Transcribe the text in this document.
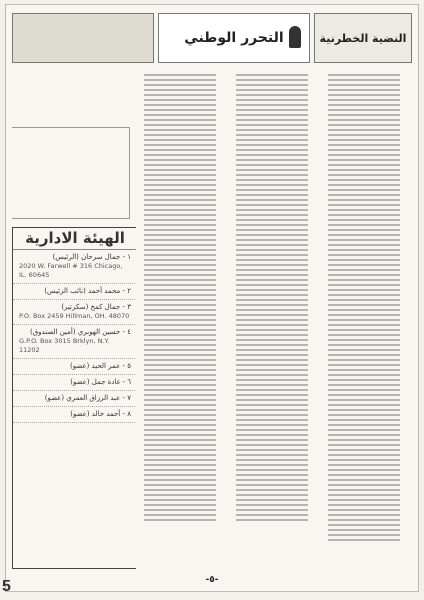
النضية الخطرنية
التحرر الوطني
الهيئة الادارية
١ - جمال سرحان (الرئيس)
2020 W. Farwell # 316 Chicago, IL. 60645
٢ - محمد أحمد (نائب الرئيس)
٣ - جمال كمخ (سكرتير)
P.O. Box 2459 Hillman, OH. 48070
٤ - حسين الهوبري (أمين الصندوق)
G.P.O. Box 3015 Brklyn, N.Y. 11202
٥ - عمر الحيد (عضو)
٦ - غادة جمل (عضو)
٧ - عبد الرزاق العمري (عضو)
٨ - أحمد خالد (عضو)
-٥-
5
